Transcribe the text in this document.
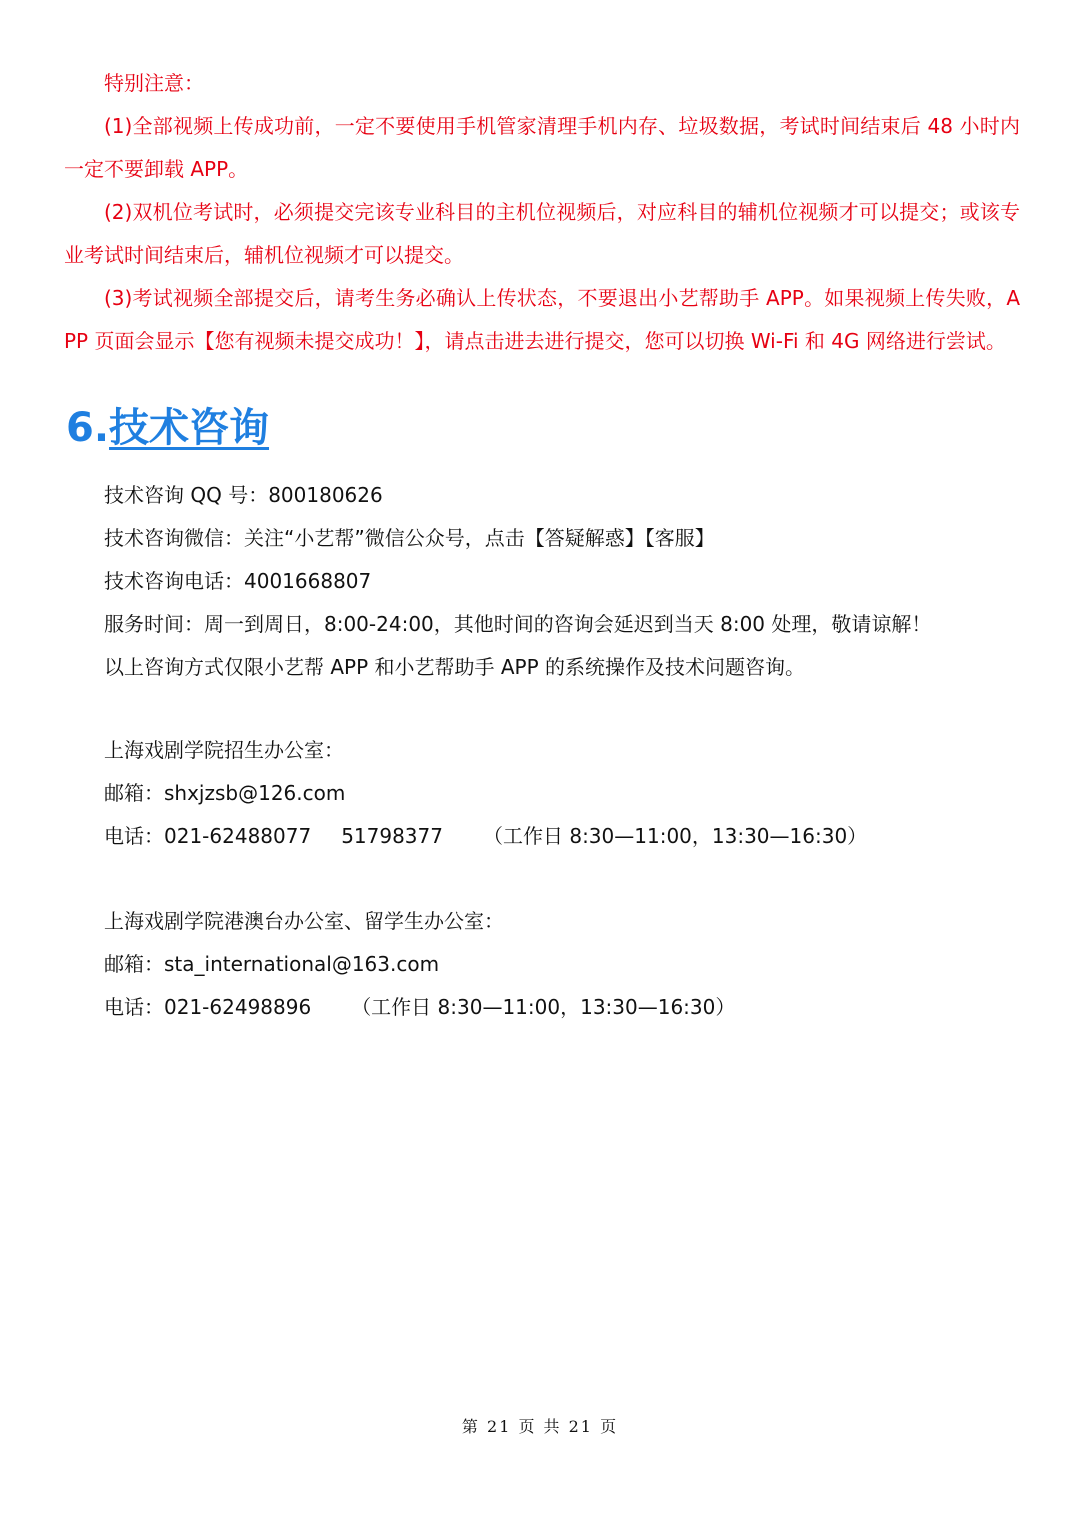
特别注意：
(1)全部视频上传成功前，一定不要使用手机管家清理手机内存、垃圾数据，考试时间结束后 48 小时内一定不要卸载 APP。
(2)双机位考试时，必须提交完该专业科目的主机位视频后，对应科目的辅机位视频才可以提交；或该专业考试时间结束后，辅机位视频才可以提交。
(3)考试视频全部提交后，请考生务必确认上传状态，不要退出小艺帮助手 APP。如果视频上传失败，APP 页面会显示【您有视频未提交成功！】，请点击进去进行提交，您可以切换 Wi-Fi 和 4G 网络进行尝试。
6.技术咨询
技术咨询 QQ 号：800180626
技术咨询微信：关注“小艺帮”微信公众号，点击【答疑解惑】【客服】
技术咨询电话：4001668807
服务时间：周一到周日，8:00-24:00，其他时间的咨询会延迟到当天 8:00 处理，敬请谅解！
以上咨询方式仅限小艺帮 APP 和小艺帮助手 APP 的系统操作及技术问题咨询。
上海戏剧学院招生办公室：
邮箱：shxjzsb@126.com
电话：021-62488077 51798377 （工作日 8:30—11:00，13:30—16:30）
上海戏剧学院港澳台办公室、留学生办公室：
邮箱：sta_international@163.com
电话：021-62498896 （工作日 8:30—11:00，13:30—16:30）
第 21 页 共 21 页
